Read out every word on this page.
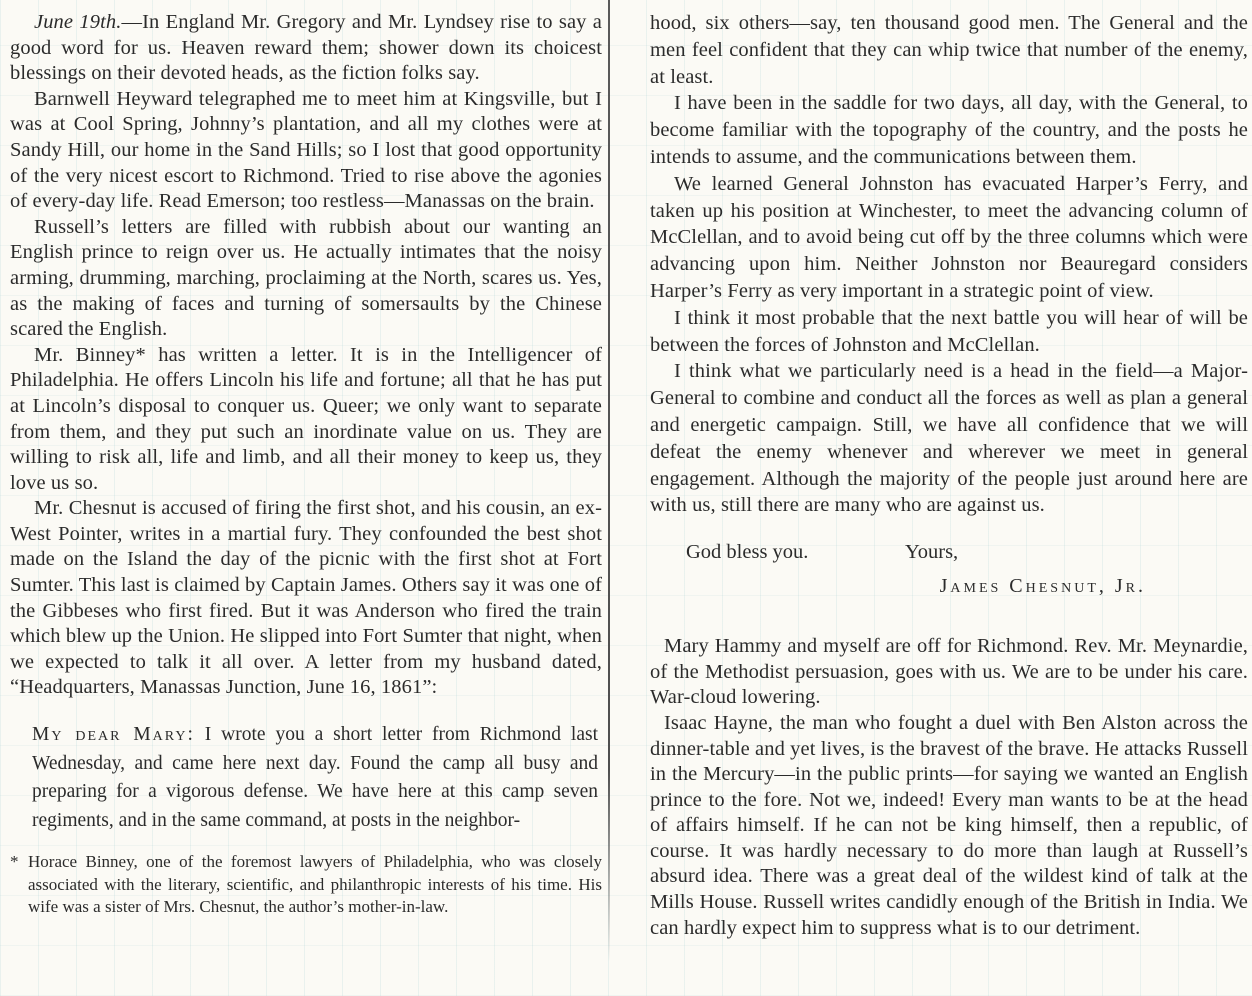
June 19th.—In England Mr. Gregory and Mr. Lyndsey rise to say a good word for us. Heaven reward them; shower down its choicest blessings on their devoted heads, as the fiction folks say.

Barnwell Heyward telegraphed me to meet him at Kingsville, but I was at Cool Spring, Johnny’s plantation, and all my clothes were at Sandy Hill, our home in the Sand Hills; so I lost that good opportunity of the very nicest escort to Richmond. Tried to rise above the agonies of every-day life. Read Emerson; too restless—Manassas on the brain.

Russell’s letters are filled with rubbish about our wanting an English prince to reign over us. He actually intimates that the noisy arming, drumming, marching, proclaiming at the North, scares us. Yes, as the making of faces and turning of somersaults by the Chinese scared the English.

Mr. Binney* has written a letter. It is in the Intelligencer of Philadelphia. He offers Lincoln his life and fortune; all that he has put at Lincoln’s disposal to conquer us. Queer; we only want to separate from them, and they put such an inordinate value on us. They are willing to risk all, life and limb, and all their money to keep us, they love us so.

Mr. Chesnut is accused of firing the first shot, and his cousin, an ex-West Pointer, writes in a martial fury. They confounded the best shot made on the Island the day of the picnic with the first shot at Fort Sumter. This last is claimed by Captain James. Others say it was one of the Gibbeses who first fired. But it was Anderson who fired the train which blew up the Union. He slipped into Fort Sumter that night, when we expected to talk it all over. A letter from my husband dated, “Headquarters, Manassas Junction, June 16, 1861”:

My dear Mary: I wrote you a short letter from Richmond last Wednesday, and came here next day. Found the camp all busy and preparing for a vigorous defense. We have here at this camp seven regiments, and in the same command, at posts in the neighbor-

* Horace Binney, one of the foremost lawyers of Philadelphia, who was closely associated with the literary, scientific, and philanthropic interests of his time. His wife was a sister of Mrs. Chesnut, the author’s mother-in-law.

hood, six others—say, ten thousand good men. The General and the men feel confident that they can whip twice that number of the enemy, at least.

I have been in the saddle for two days, all day, with the General, to become familiar with the topography of the country, and the posts he intends to assume, and the communications between them.

We learned General Johnston has evacuated Harper’s Ferry, and taken up his position at Winchester, to meet the advancing column of McClellan, and to avoid being cut off by the three columns which were advancing upon him. Neither Johnston nor Beauregard considers Harper’s Ferry as very important in a strategic point of view.

I think it most probable that the next battle you will hear of will be between the forces of Johnston and McClellan.

I think what we particularly need is a head in the field—a Major-General to combine and conduct all the forces as well as plan a general and energetic campaign. Still, we have all confidence that we will defeat the enemy whenever and wherever we meet in general engagement. Although the majority of the people just around here are with us, still there are many who are against us.

God bless you.	Yours,
James Chesnut, Jr.

Mary Hammy and myself are off for Richmond. Rev. Mr. Meynardie, of the Methodist persuasion, goes with us. We are to be under his care. War-cloud lowering.

Isaac Hayne, the man who fought a duel with Ben Alston across the dinner-table and yet lives, is the bravest of the brave. He attacks Russell in the Mercury—in the public prints—for saying we wanted an English prince to the fore. Not we, indeed! Every man wants to be at the head of affairs himself. If he can not be king himself, then a republic, of course. It was hardly necessary to do more than laugh at Russell’s absurd idea. There was a great deal of the wildest kind of talk at the Mills House. Russell writes candidly enough of the British in India. We can hardly expect him to suppress what is to our detriment.
